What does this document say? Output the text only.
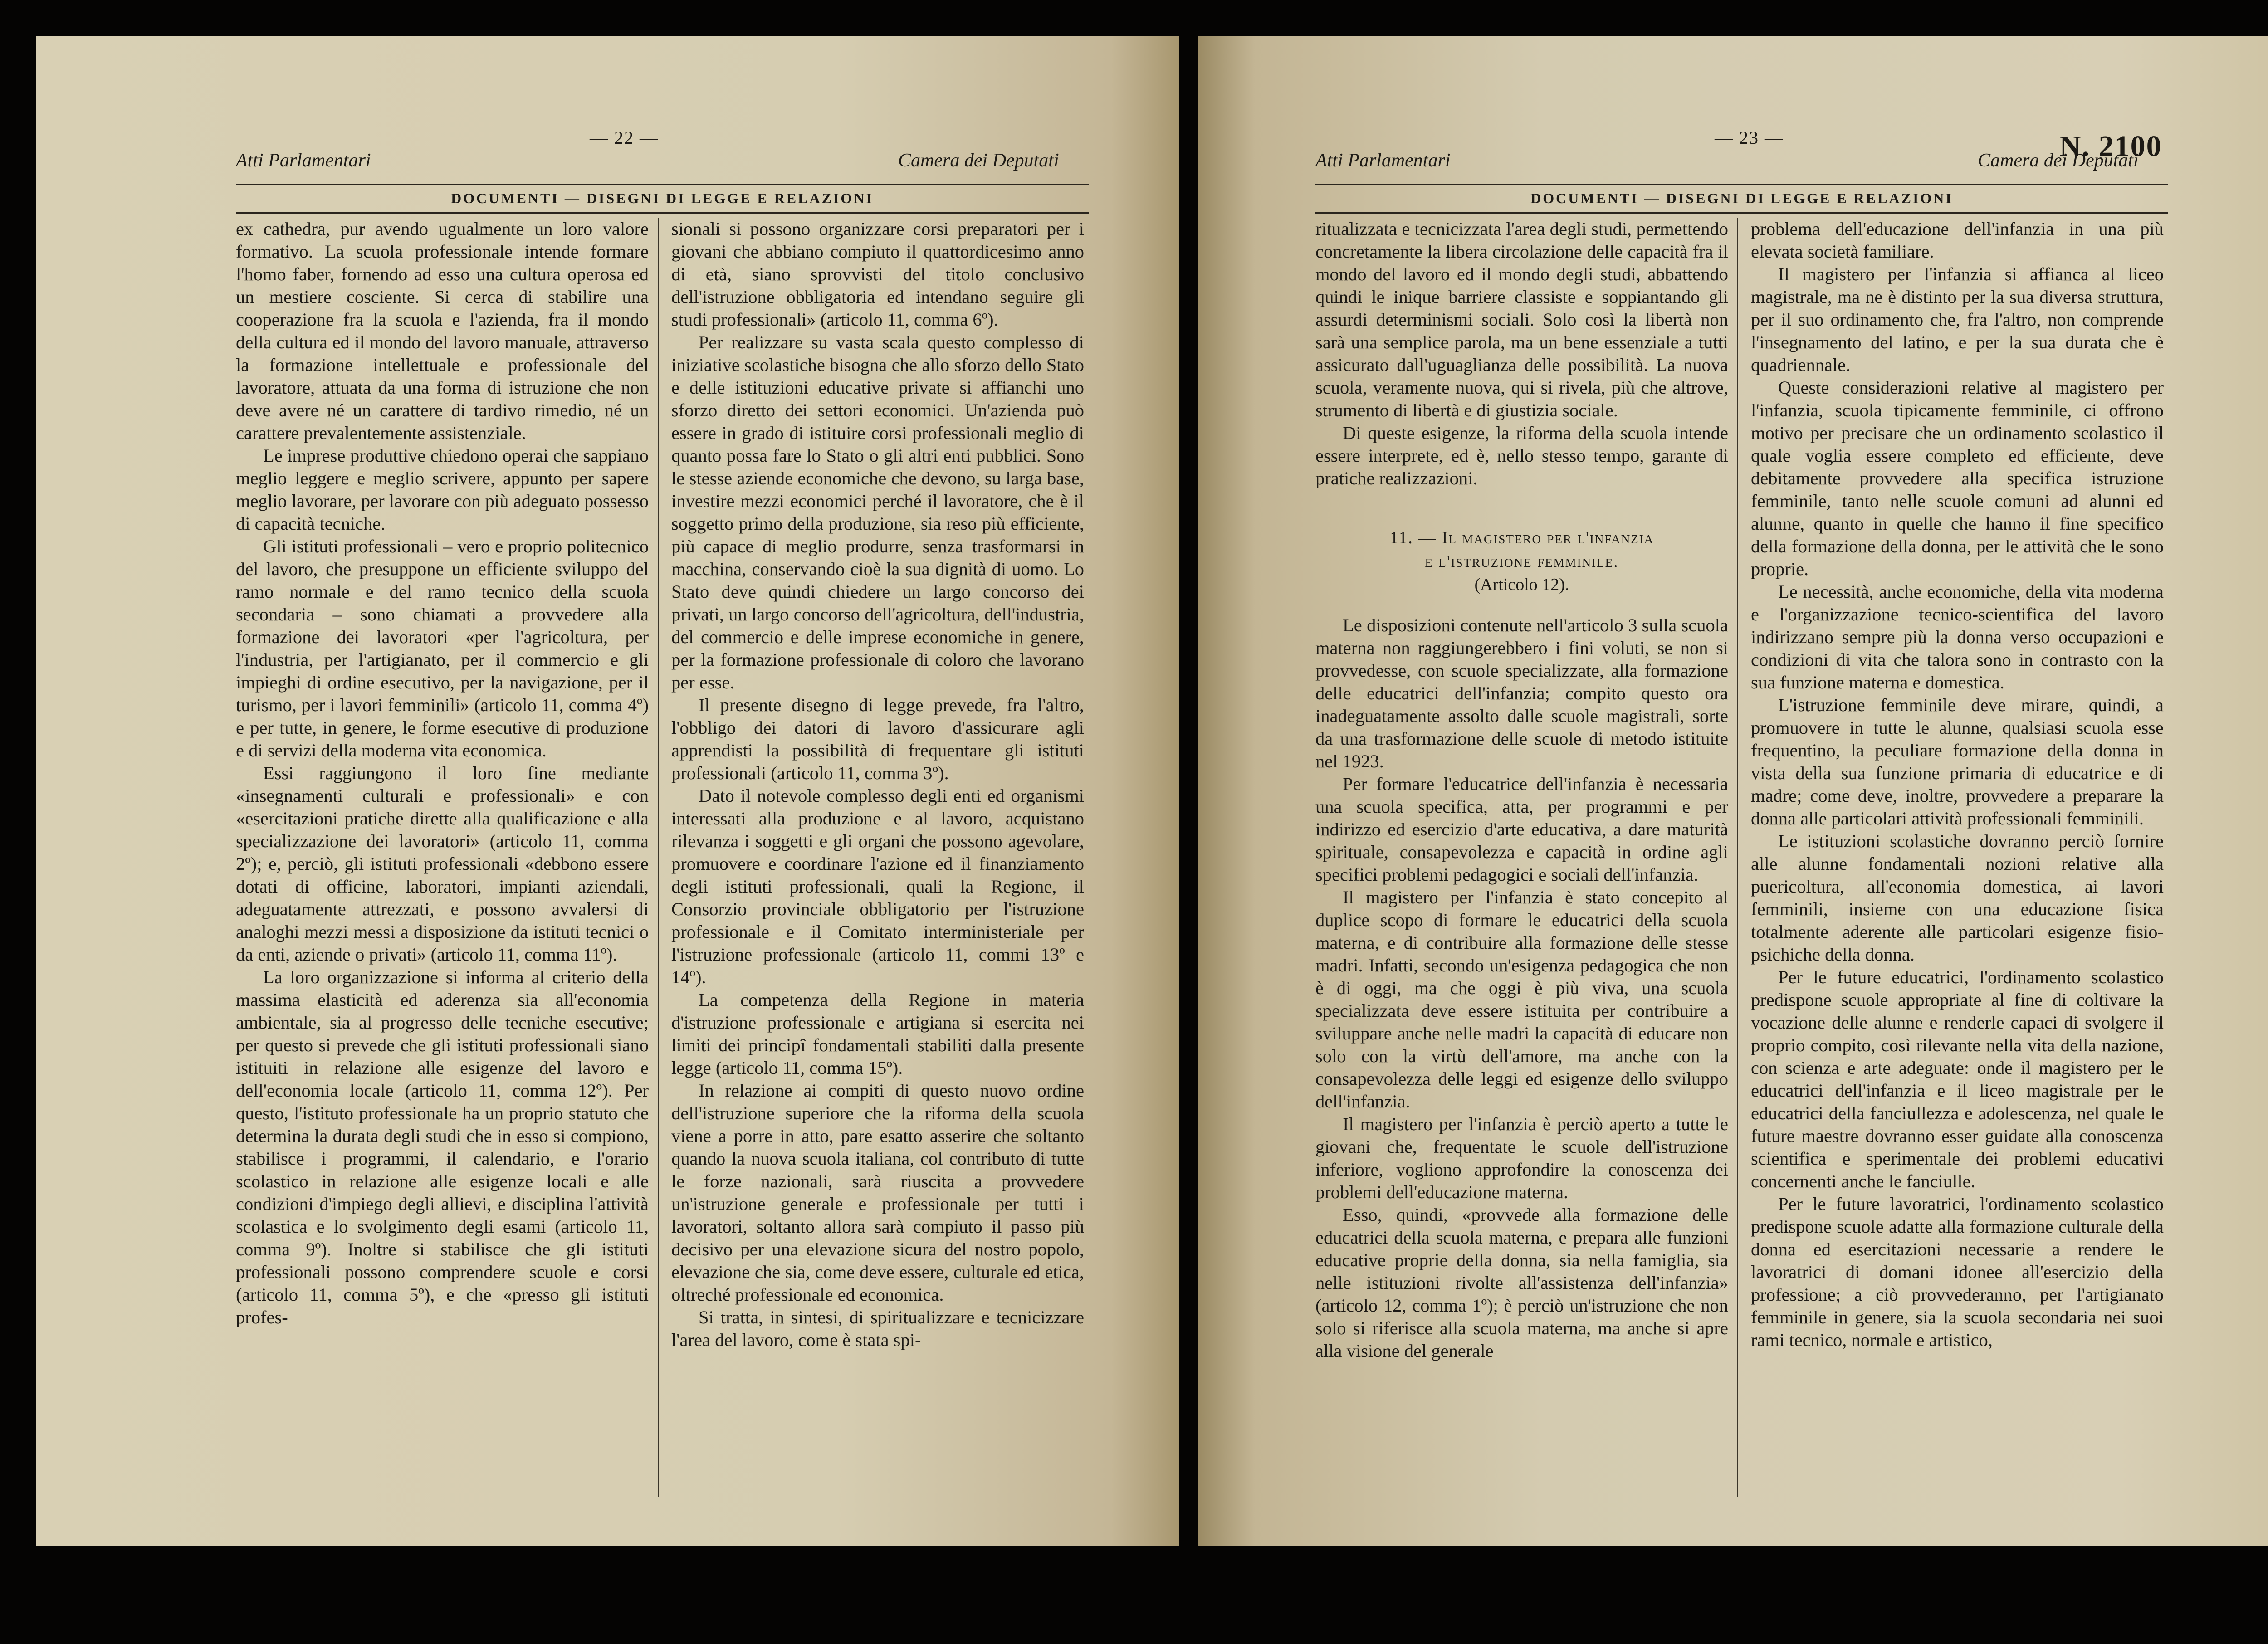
— 22 —
Atti Parlamentari	Camera dei Deputati
DOCUMENTI — DISEGNI DI LEGGE E RELAZIONI

ex cathedra, pur avendo ugualmente un loro valore formativo. La scuola professionale intende formare l'homo faber, fornendo ad esso una cultura operosa ed un mestiere cosciente. Si cerca di stabilire una cooperazione fra la scuola e l'azienda, fra il mondo della cultura ed il mondo del lavoro manuale, attraverso la formazione intellettuale e professionale del lavoratore, attuata da una forma di istruzione che non deve avere né un carattere di tardivo rimedio, né un carattere prevalentemente assistenziale.

Le imprese produttive chiedono operai che sappiano meglio leggere e meglio scrivere, appunto per sapere meglio lavorare, per lavorare con più adeguato possesso di capacità tecniche.

Gli istituti professionali – vero e proprio politecnico del lavoro, che presuppone un efficiente sviluppo del ramo normale e del ramo tecnico della scuola secondaria – sono chiamati a provvedere alla formazione dei lavoratori «per l'agricoltura, per l'industria, per l'artigianato, per il commercio e gli impieghi di ordine esecutivo, per la navigazione, per il turismo, per i lavori femminili» (articolo 11, comma 4º) e per tutte, in genere, le forme esecutive di produzione e di servizi della moderna vita economica.

Essi raggiungono il loro fine mediante «insegnamenti culturali e professionali» e con «esercitazioni pratiche dirette alla qualificazione e alla specializzazione dei lavoratori» (articolo 11, comma 2º); e, perciò, gli istituti professionali «debbono essere dotati di officine, laboratori, impianti aziendali, adeguatamente attrezzati, e possono avvalersi di analoghi mezzi messi a disposizione da istituti tecnici o da enti, aziende o privati» (articolo 11, comma 11º).

La loro organizzazione si informa al criterio della massima elasticità ed aderenza sia all'economia ambientale, sia al progresso delle tecniche esecutive; per questo si prevede che gli istituti professionali siano istituiti in relazione alle esigenze del lavoro e dell'economia locale (articolo 11, comma 12º). Per questo, l'istituto professionale ha un proprio statuto che determina la durata degli studi che in esso si compiono, stabilisce i programmi, il calendario, e l'orario scolastico in relazione alle esigenze locali e alle condizioni d'impiego degli allievi, e disciplina l'attività scolastica e lo svolgimento degli esami (articolo 11, comma 9º). Inoltre si stabilisce che gli istituti professionali possono comprendere scuole e corsi (articolo 11, comma 5º), e che «presso gli istituti profes-

sionali si possono organizzare corsi preparatori per i giovani che abbiano compiuto il quattordicesimo anno di età, siano sprovvisti del titolo conclusivo dell'istruzione obbligatoria ed intendano seguire gli studi professionali» (articolo 11, comma 6º).

Per realizzare su vasta scala questo complesso di iniziative scolastiche bisogna che allo sforzo dello Stato e delle istituzioni educative private si affianchi uno sforzo diretto dei settori economici. Un'azienda può essere in grado di istituire corsi professionali meglio di quanto possa fare lo Stato o gli altri enti pubblici. Sono le stesse aziende economiche che devono, su larga base, investire mezzi economici perché il lavoratore, che è il soggetto primo della produzione, sia reso più efficiente, più capace di meglio produrre, senza trasformarsi in macchina, conservando cioè la sua dignità di uomo. Lo Stato deve quindi chiedere un largo concorso dei privati, un largo concorso dell'agricoltura, dell'industria, del commercio e delle imprese economiche in genere, per la formazione professionale di coloro che lavorano per esse.

Il presente disegno di legge prevede, fra l'altro, l'obbligo dei datori di lavoro d'assicurare agli apprendisti la possibilità di frequentare gli istituti professionali (articolo 11, comma 3º).

Dato il notevole complesso degli enti ed organismi interessati alla produzione e al lavoro, acquistano rilevanza i soggetti e gli organi che possono agevolare, promuovere e coordinare l'azione ed il finanziamento degli istituti professionali, quali la Regione, il Consorzio provinciale obbligatorio per l'istruzione professionale e il Comitato interministeriale per l'istruzione professionale (articolo 11, commi 13º e 14º).

La competenza della Regione in materia d'istruzione professionale e artigiana si esercita nei limiti dei principî fondamentali stabiliti dalla presente legge (articolo 11, comma 15º).

In relazione ai compiti di questo nuovo ordine dell'istruzione superiore che la riforma della scuola viene a porre in atto, pare esatto asserire che soltanto quando la nuova scuola italiana, col contributo di tutte le forze nazionali, sarà riuscita a provvedere un'istruzione generale e professionale per tutti i lavoratori, soltanto allora sarà compiuto il passo più decisivo per una elevazione sicura del nostro popolo, elevazione che sia, come deve essere, culturale ed etica, oltreché professionale ed economica.

Si tratta, in sintesi, di spiritualizzare e tecnicizzare l'area del lavoro, come è stata spi-

— 23 —	N. 2100
Atti Parlamentari	Camera dei Deputati
DOCUMENTI — DISEGNI DI LEGGE E RELAZIONI

ritualizzata e tecnicizzata l'area degli studi, permettendo concretamente la libera circolazione delle capacità fra il mondo del lavoro ed il mondo degli studi, abbattendo quindi le inique barriere classiste e soppiantando gli assurdi determinismi sociali. Solo così la libertà non sarà una semplice parola, ma un bene essenziale a tutti assicurato dall'uguaglianza delle possibilità. La nuova scuola, veramente nuova, qui si rivela, più che altrove, strumento di libertà e di giustizia sociale.

Di queste esigenze, la riforma della scuola intende essere interprete, ed è, nello stesso tempo, garante di pratiche realizzazioni.

11. — Il magistero per l'infanzia
e l'istruzione femminile.
(Articolo 12).

Le disposizioni contenute nell'articolo 3 sulla scuola materna non raggiungerebbero i fini voluti, se non si provvedesse, con scuole specializzate, alla formazione delle educatrici dell'infanzia; compito questo ora inadeguatamente assolto dalle scuole magistrali, sorte da una trasformazione delle scuole di metodo istituite nel 1923.

Per formare l'educatrice dell'infanzia è necessaria una scuola specifica, atta, per programmi e per indirizzo ed esercizio d'arte educativa, a dare maturità spirituale, consapevolezza e capacità in ordine agli specifici problemi pedagogici e sociali dell'infanzia.

Il magistero per l'infanzia è stato concepito al duplice scopo di formare le educatrici della scuola materna, e di contribuire alla formazione delle stesse madri. Infatti, secondo un'esigenza pedagogica che non è di oggi, ma che oggi è più viva, una scuola specializzata deve essere istituita per contribuire a sviluppare anche nelle madri la capacità di educare non solo con la virtù dell'amore, ma anche con la consapevolezza delle leggi ed esigenze dello sviluppo dell'infanzia.

Il magistero per l'infanzia è perciò aperto a tutte le giovani che, frequentate le scuole dell'istruzione inferiore, vogliono approfondire la conoscenza dei problemi dell'educazione materna.

Esso, quindi, «provvede alla formazione delle educatrici della scuola materna, e prepara alle funzioni educative proprie della donna, sia nella famiglia, sia nelle istituzioni rivolte all'assistenza dell'infanzia» (articolo 12, comma 1º); è perciò un'istruzione che non solo si riferisce alla scuola materna, ma anche si apre alla visione del generale

problema dell'educazione dell'infanzia in una più elevata società familiare.

Il magistero per l'infanzia si affianca al liceo magistrale, ma ne è distinto per la sua diversa struttura, per il suo ordinamento che, fra l'altro, non comprende l'insegnamento del latino, e per la sua durata che è quadriennale.

Queste considerazioni relative al magistero per l'infanzia, scuola tipicamente femminile, ci offrono motivo per precisare che un ordinamento scolastico il quale voglia essere completo ed efficiente, deve debitamente provvedere alla specifica istruzione femminile, tanto nelle scuole comuni ad alunni ed alunne, quanto in quelle che hanno il fine specifico della formazione della donna, per le attività che le sono proprie.

Le necessità, anche economiche, della vita moderna e l'organizzazione tecnico-scientifica del lavoro indirizzano sempre più la donna verso occupazioni e condizioni di vita che talora sono in contrasto con la sua funzione materna e domestica.

L'istruzione femminile deve mirare, quindi, a promuovere in tutte le alunne, qualsiasi scuola esse frequentino, la peculiare formazione della donna in vista della sua funzione primaria di educatrice e di madre; come deve, inoltre, provvedere a preparare la donna alle particolari attività professionali femminili.

Le istituzioni scolastiche dovranno perciò fornire alle alunne fondamentali nozioni relative alla puericoltura, all'economia domestica, ai lavori femminili, insieme con una educazione fisica totalmente aderente alle particolari esigenze fisio-psichiche della donna.

Per le future educatrici, l'ordinamento scolastico predispone scuole appropriate al fine di coltivare la vocazione delle alunne e renderle capaci di svolgere il proprio compito, così rilevante nella vita della nazione, con scienza e arte adeguate: onde il magistero per le educatrici dell'infanzia e il liceo magistrale per le educatrici della fanciullezza e adolescenza, nel quale le future maestre dovranno esser guidate alla conoscenza scientifica e sperimentale dei problemi educativi concernenti anche le fanciulle.

Per le future lavoratrici, l'ordinamento scolastico predispone scuole adatte alla formazione culturale della donna ed esercitazioni necessarie a rendere le lavoratrici di domani idonee all'esercizio della professione; a ciò provvederanno, per l'artigianato femminile in genere, sia la scuola secondaria nei suoi rami tecnico, normale e artistico,
